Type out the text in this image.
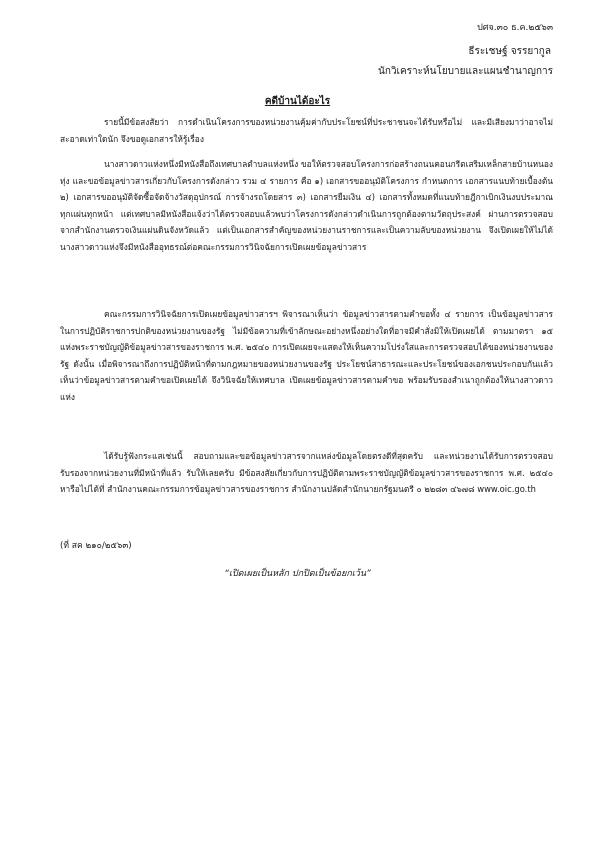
ปศจ.๓๐ ธ.ค.๒๕๖๓
ธีระเชษฐ์ จรรยากูล
นักวิเคราะห์นโยบายและแผนชำนาญการ
คดีบ้านได้อะไร

รายนี้มีข้อสงสัยว่า การดำเนินโครงการของหน่วยงานคุ้มค่ากับประโยชน์ที่ประชาชนจะได้รับหรือไม่ และมีเสียงมาว่าอาจไม่สะอาดเท่าใดนัก จึงขอดูเอกสารให้รู้เรื่อง

นางสาวดาวแห่งหนึ่งมีหนังสือถึงเทศบาลตำบลแห่งหนึ่ง ขอให้ตรวจสอบโครงการก่อสร้างถนนคอนกรีตเสริมเหล็กสายบ้านหนองทุ่ง และขอข้อมูลข่าวสารเกี่ยวกับโครงการดังกล่าว รวม ๔ รายการ คือ ๑) เอกสารขออนุมัติโครงการ กำหนดการ เอกสารแนบท้ายเบื้องต้น ๒) เอกสารขออนุมัติจัดซื้อจัดจ้างวัสดุอุปกรณ์ การจ้างรถโดยสาร ๓) เอกสารยืมเงิน ๔) เอกสารทั้งหมดที่แนบท้ายฎีกาเบิกเงินงบประมาณ ทุกแผ่นทุกหน้า แต่เทศบาลมีหนังสือแจ้งว่าได้ตรวจสอบแล้วพบว่าโครงการดังกล่าวดำเนินการถูกต้องตามวัตถุประสงค์ ผ่านการตรวจสอบจากสำนักงานตรวจเงินแผ่นดินจังหวัดแล้ว แต่เป็นเอกสารสำคัญของหน่วยงานราชการและเป็นความลับของหน่วยงาน จึงเปิดเผยให้ไม่ได้ นางสาวดาวแห่งจึงมีหนังสืออุทธรณ์ต่อคณะกรรมการวินิจฉัยการเปิดเผยข้อมูลข่าวสาร

คณะกรรมการวินิจฉัยการเปิดเผยข้อมูลข่าวสารฯ พิจารณาเห็นว่า ข้อมูลข่าวสารตามคำขอทั้ง ๔ รายการ เป็นข้อมูลข่าวสารในการปฏิบัติราชการปกติของหน่วยงานของรัฐ ไม่มีข้อความที่เข้าลักษณะอย่างหนึ่งอย่างใดที่อาจมีคำสั่งมิให้เปิดเผยได้ ตามมาตรา ๑๕ แห่งพระราชบัญญัติข้อมูลข่าวสารของราชการ พ.ศ. ๒๕๔๐ การเปิดเผยจะแสดงให้เห็นความโปร่งใสและการตรวจสอบได้ของหน่วยงานของรัฐ ดังนั้น เมื่อพิจารณาถึงการปฏิบัติหน้าที่ตามกฎหมายของหน่วยงานของรัฐ ประโยชน์สาธารณะและประโยชน์ของเอกชนประกอบกันแล้ว เห็นว่าข้อมูลข่าวสารตามคำขอเปิดเผยได้ จึงวินิจฉัยให้เทศบาล เปิดเผยข้อมูลข่าวสารตามคำขอ พร้อมรับรองสำเนาถูกต้องให้นางสาวดาวแห่ง

ได้รับรู้ฟังกระแสเช่นนี้ สอบถามและขอข้อมูลข่าวสารจากแหล่งข้อมูลโดยตรงดีที่สุดครับ และหน่วยงานได้รับการตรวจสอบรับรองจากหน่วยงานที่มีหน้าที่แล้ว รับให้เลยครับ มีข้อสงสัยเกี่ยวกับการปฏิบัติตามพระราชบัญญัติข้อมูลข่าวสารของราชการ พ.ศ. ๒๕๔๐ หารือไปได้ที่ สำนักงานคณะกรรมการข้อมูลข่าวสารของราชการ สำนักงานปลัดสำนักนายกรัฐมนตรี ๐ ๒๒๘๓ ๔๖๗๘ www.oic.go.th

(ที่ สค ๒๑๐/๒๕๖๓)
“เปิดเผยเป็นหลัก ปกปิดเป็นข้อยกเว้น”
